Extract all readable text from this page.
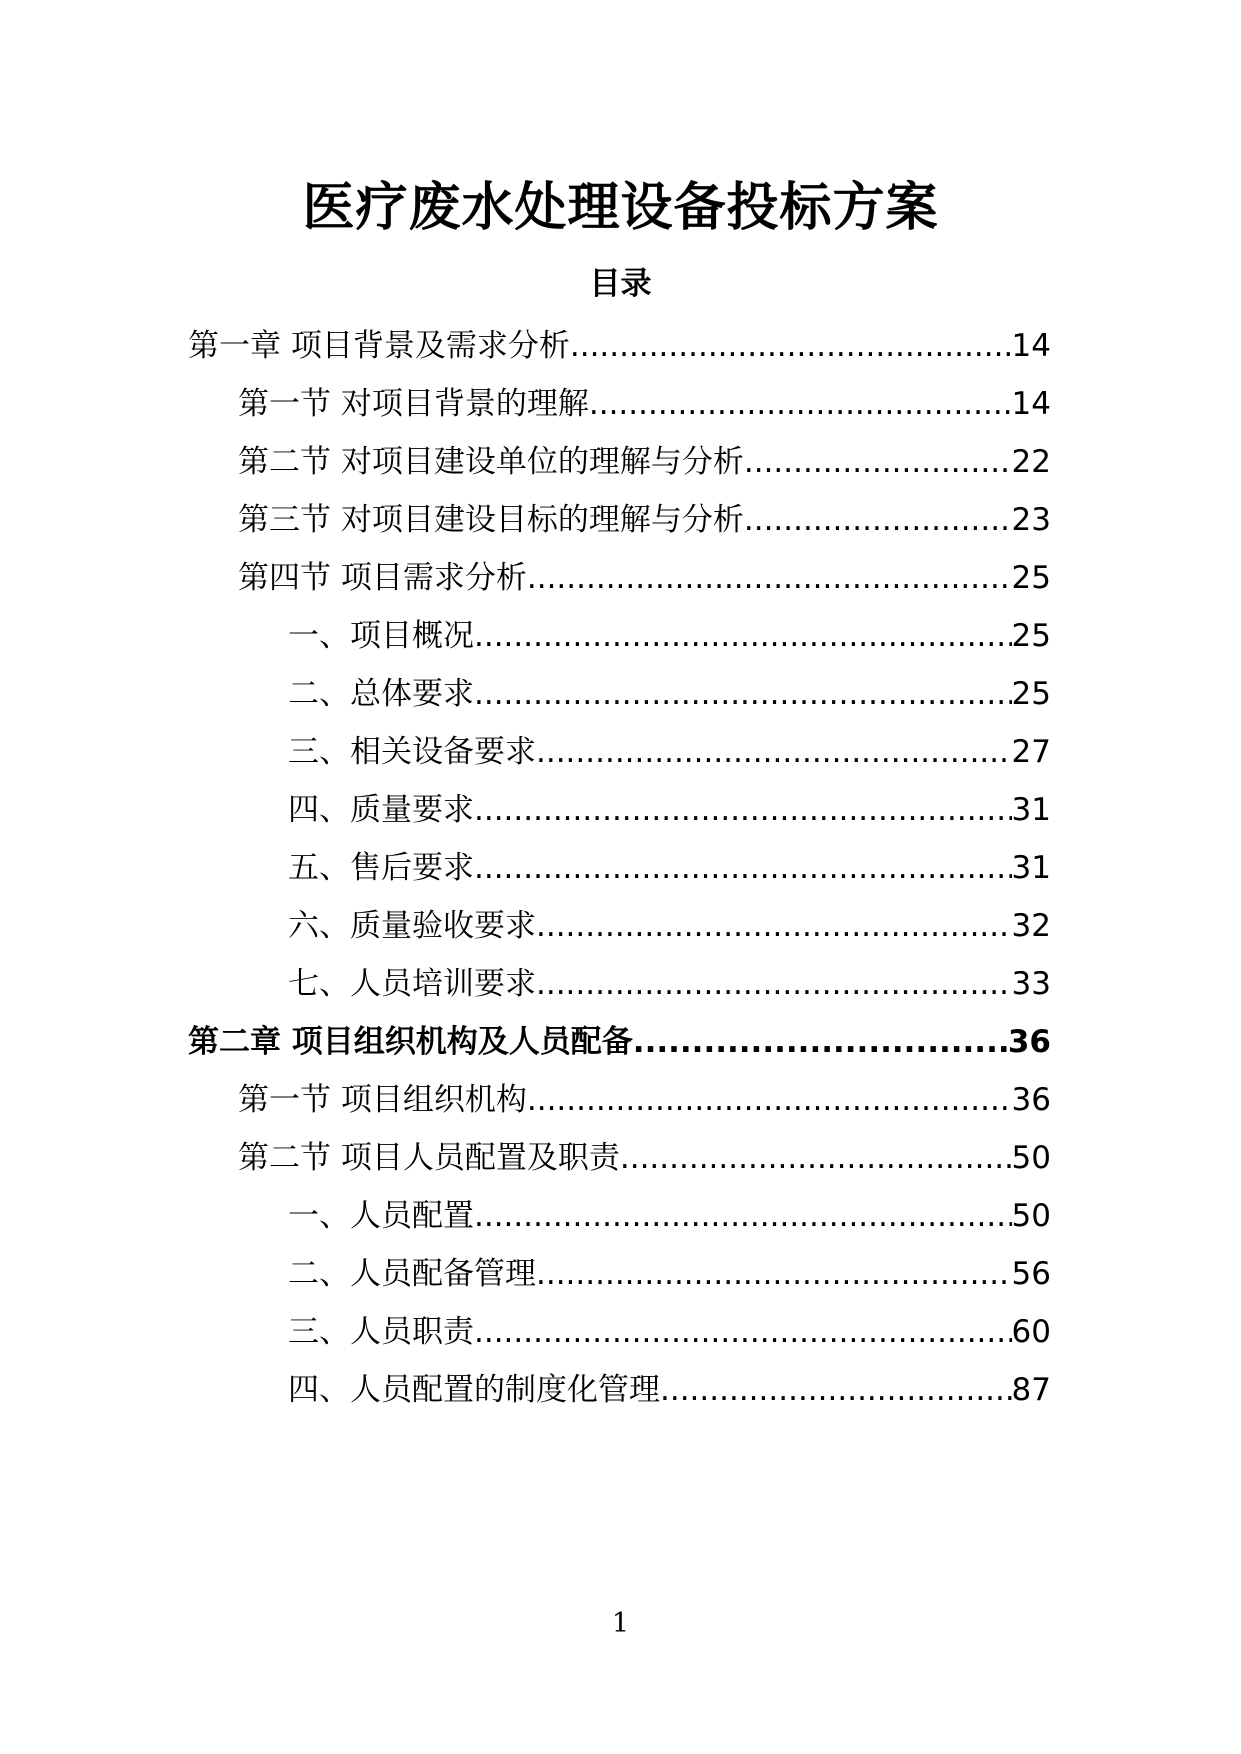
医疗废水处理设备投标方案
目录
第一章 项目背景及需求分析 .....	14
第一节 对项目背景的理解 .....	14
第二节 对项目建设单位的理解与分析 .....	22
第三节 对项目建设目标的理解与分析 .....	23
第四节 项目需求分析 .....	25
一、项目概况 .....	25
二、总体要求 .....	25
三、相关设备要求 .....	27
四、质量要求 .....	31
五、售后要求 .....	31
六、质量验收要求 .....	32
七、人员培训要求 .....	33
第二章 项目组织机构及人员配备 .....	36
第一节 项目组织机构 .....	36
第二节 项目人员配置及职责 .....	50
一、人员配置 .....	50
二、人员配备管理 .....	56
三、人员职责 .....	60
四、人员配置的制度化管理 .....	87
1
